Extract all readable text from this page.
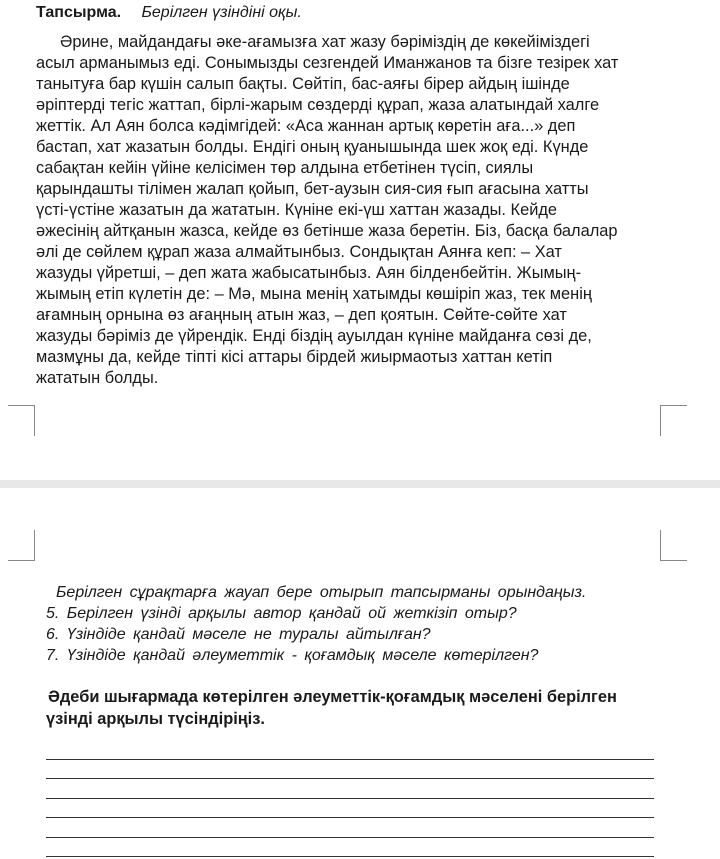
Тапсырма. Берілген үзіндіні оқы.
Әрине, майдандағы әке-ағамызға хат жазу бәріміздің де көкейіміздегі
асыл арманымыз еді. Сонымызды сезгендей Иманжанов та бізге тезірек хат
танытуға бар күшін салып бақты. Сөйтіп, бас-аяғы бірер айдың ішінде
әріптерді тегіс жаттап, бірлі-жарым сөздерді құрап, жаза алатындай халге
жеттік. Ал Аян болса кәдімгідей: «Аса жаннан артық көретін аға...» деп
бастап, хат жазатын болды. Ендігі оның қуанышында шек жоқ еді. Күнде
сабақтан кейін үйіне келісімен төр алдына етбетінен түсіп, сиялы
қарындашты тілімен жалап қойып, бет-аузын сия-сия ғып ағасына хатты
үсті-үстіне жазатын да жататын. Күніне екі-үш хаттан жазады. Кейде
әжесінің айтқанын жазса, кейде өз бетінше жаза беретін. Біз, басқа балалар
әлі де сөйлем құрап жаза алмайтынбыз. Сондықтан Аянға кеп: – Хат
жазуды үйретші, – деп жата жабысатынбыз. Аян білденбейтін. Жымың-
жымың етіп күлетін де: – Мә, мына менің хатымды көшіріп жаз, тек менің
ағамның орнына өз ағаңның атын жаз, – деп қоятын. Сөйте-сөйте хат
жазуды бәріміз де үйрендік. Енді біздің ауылдан күніне майданға сөзі де,
мазмұны да, кейде тіпті кісі аттары бірдей жиырмаотыз хаттан кетіп
жататын болды.
Берілген сұрақтарға жауап бере отырып тапсырманы орындаңыз.
5. Берілген үзінді арқылы автор қандай ой жеткізіп отыр?
6. Үзіндіде қандай мәселе не туралы айтылған?
7. Үзіндіде қандай әлеуметтік - қоғамдық мәселе көтерілген?
Әдеби шығармада көтерілген әлеуметтік-қоғамдық мәселені берілген
үзінді арқылы түсіндіріңіз.
